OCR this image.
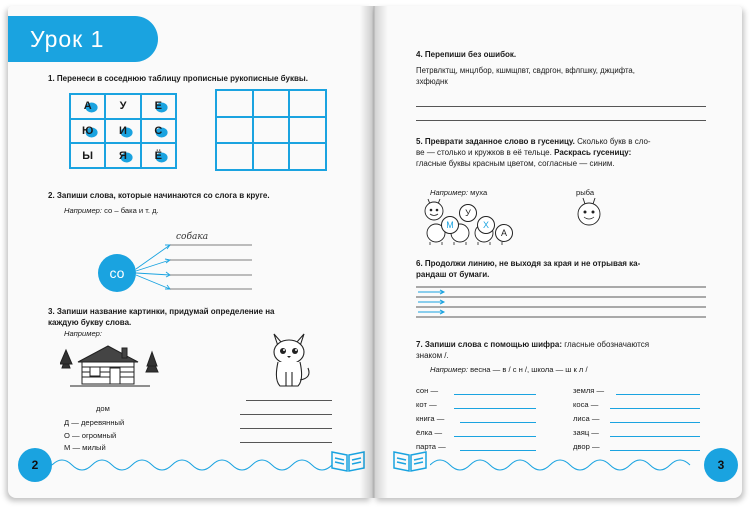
Урок 1
1. Перенеси в соседнюю таблицу прописные рукописные буквы.
А	У	Е
Ю И С
Ы Я	Ё
2. Запиши слова, которые начинаются со слога в круге.
Например: со – бака и т. д.
со
собака
3. Запиши название картинки, придумай определение на
каждую букву слова.
Например:
дом
Д — деревянный
О — огромный
М — милый
2
4. Перепиши без ошибок.
Петрвлктщ, мнцлбор, кшмщпвт, свдргон, вфлгшку, джцифта,
зхфюднк
5. Преврати заданное слово в гусеницу. Сколько букв в сло-
ве — столько и кружков в её тельце. Раскрась гусеницу:
гласные буквы красным цветом, согласные — синим.
Например: муха	рыба
М
У
Х
А
6. Продолжи линию, не выходя за края и не отрывая ка-
рандаш от бумаги.
7. Запиши слова с помощью шифра: гласные обозначаются
знаком /.
Например: весна — в / с н /, школа — ш к л /
сон —
кот —
книга —
ёлка —
парта —
земля —
коса —
лиса —
заяц —
двор —
3
